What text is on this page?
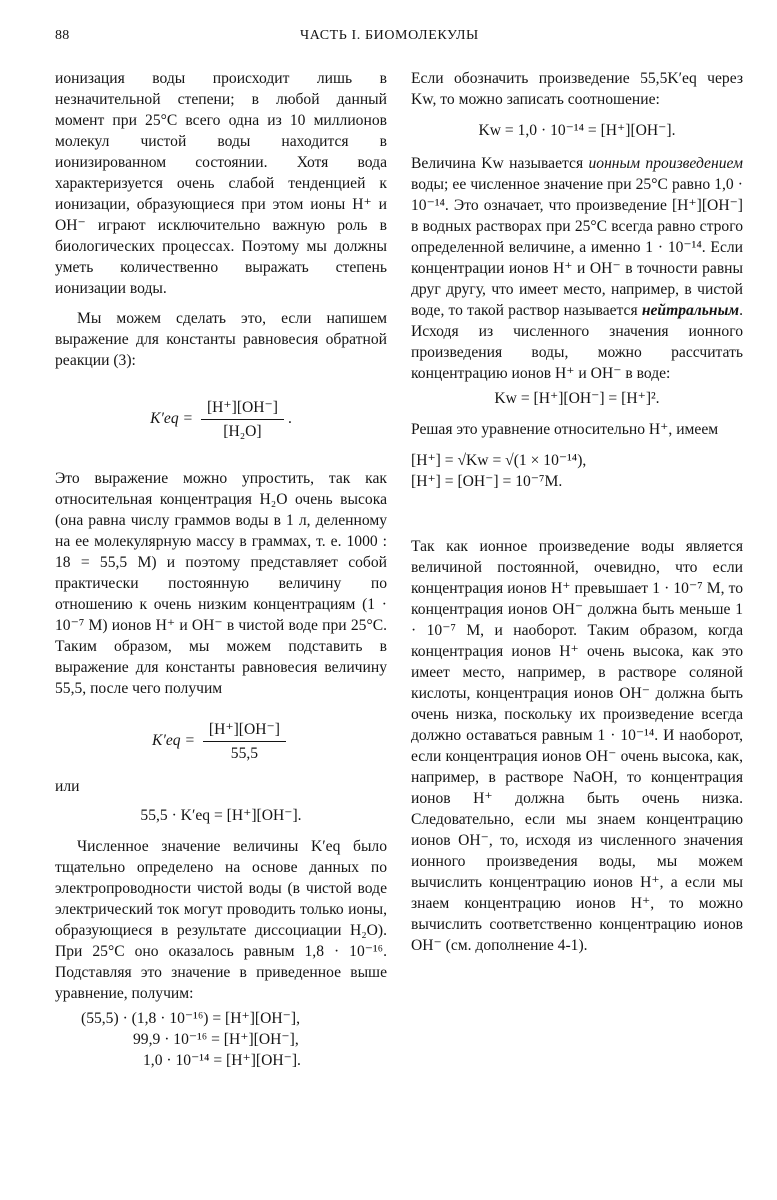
88	ЧАСТЬ I. БИОМОЛЕКУЛЫ

ионизация воды происходит лишь в незначительной степени; в любой данный момент при 25°C всего одна из 10 миллионов молекул чистой воды находится в ионизированном состоянии. Хотя вода характеризуется очень слабой тенденцией к ионизации, образующиеся при этом ионы H⁺ и OH⁻ играют исключительно важную роль в биологических процессах. Поэтому мы должны уметь количественно выражать степень ионизации воды.

Мы можем сделать это, если напишем выражение для константы равновесия обратной реакции (3):

$K'eq = \frac{[H^+][OH^-]}{\text{[H₂O]}}$ .

Это выражение можно упростить, так как относительная концентрация H₂O очень высока (она равна числу граммов воды в 1 л, деленному на ее молекулярную массу в граммах, т. е. 1000 : 18 = 55,5 M) и поэтому представляет собой практически постоянную величину по отношению к очень низким концентрациям (1 · 10⁻⁷ M) ионов H⁺ и OH⁻ в чистой воде при 25°C. Таким образом, мы можем подставить в выражение для константы равновесия величину 55,5, после чего получим

$K'eq = \frac{[H^+][OH^-]}{55,5}$

или

55,5 · K′eq = [H⁺][OH⁻].

Численное значение величины K′eq было тщательно определено на основе данных по электропроводности чистой воды (в чистой воде электрический ток могут проводить только ионы, образующиеся в результате диссоциации H₂O). При 25°C оно оказалось равным 1,8 · 10⁻¹⁶. Подставляя это значение в приведенное выше уравнение, получим:

(55,5) · (1,8 · 10⁻¹⁶) = [H⁺][OH⁻],
99,9 · 10⁻¹⁶ = [H⁺][OH⁻],
1,0 · 10⁻¹⁴ = [H⁺][OH⁻].

Если обозначить произведение 55,5K′eq через Kw, то можно записать соотношение:

Kw = 1,0 · 10⁻¹⁴ = [H⁺][OH⁻].

Величина Kw называется ионным произведением воды; ее численное значение при 25°C равно 1,0 · 10⁻¹⁴. Это означает, что произведение [H⁺][OH⁻] в водных растворах при 25°C всегда равно строго определенной величине, а именно 1 · 10⁻¹⁴. Если концентрации ионов H⁺ и OH⁻ в точности равны друг другу, что имеет место, например, в чистой воде, то такой раствор называется нейтральным. Исходя из численного значения ионного произведения воды, можно рассчитать концентрацию ионов H⁺ и OH⁻ в воде:

Kw = [H⁺][OH⁻] = [H⁺]².

Решая это уравнение относительно H⁺, имеем

[H⁺] = √Kw = √(1 × 10⁻¹⁴),
[H⁺] = [OH⁻] = 10⁻⁷M.

Так как ионное произведение воды является величиной постоянной, очевидно, что если концентрация ионов H⁺ превышает 1 · 10⁻⁷ M, то концентрация ионов OH⁻ должна быть меньше 1 · 10⁻⁷ M, и наоборот. Таким образом, когда концентрация ионов H⁺ очень высока, как это имеет место, например, в растворе соляной кислоты, концентрация ионов OH⁻ должна быть очень низка, поскольку их произведение всегда должно оставаться равным 1 · 10⁻¹⁴. И наоборот, если концентрация ионов OH⁻ очень высока, как, например, в растворе NaOH, то концентрация ионов H⁺ должна быть очень низка. Следовательно, если мы знаем концентрацию ионов OH⁻, то, исходя из численного значения ионного произведения воды, мы можем вычислить концентрацию ионов H⁺, а если мы знаем концентрацию ионов H⁺, то можно вычислить соответственно концентрацию ионов OH⁻ (см. дополнение 4-1).
